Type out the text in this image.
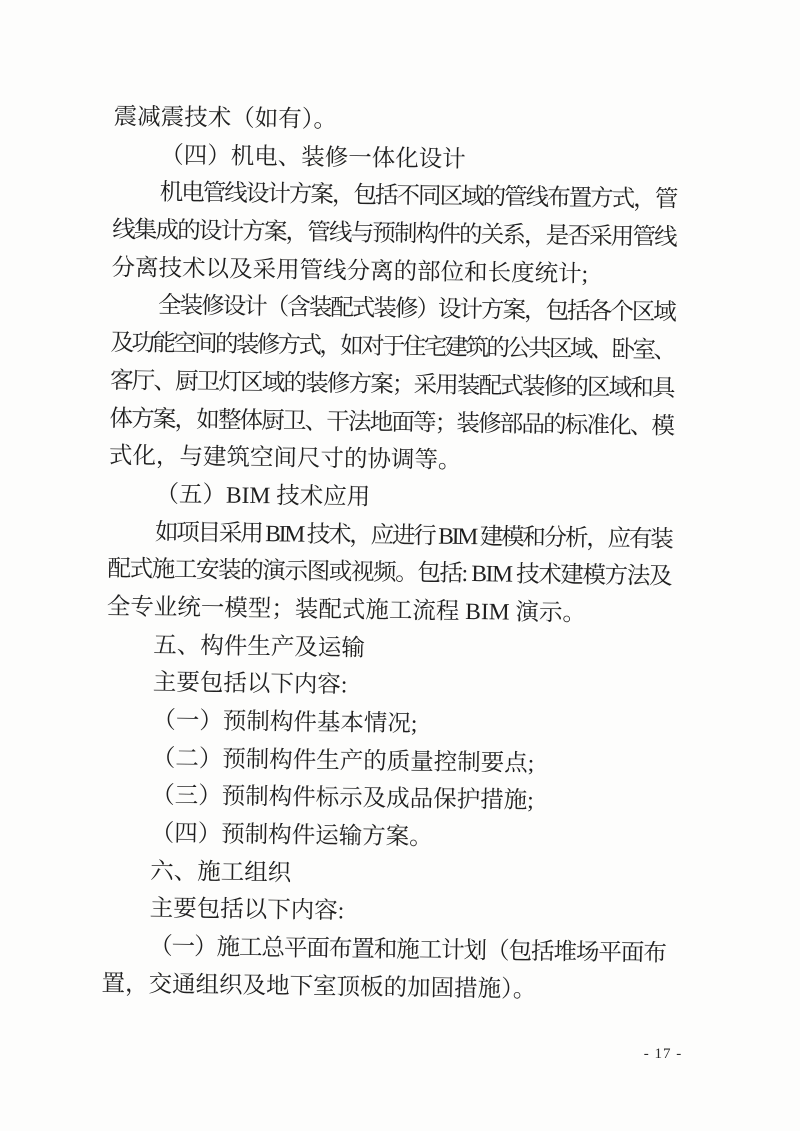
震减震技术（如有）。
（四）机电、装修一体化设计
机电管线设计方案，包括不同区域的管线布置方式，管
线集成的设计方案，管线与预制构件的关系，是否采用管线
分离技术以及采用管线分离的部位和长度统计;
全装修设计（含装配式装修）设计方案，包括各个区域
及功能空间的装修方式，如对于住宅建筑的公共区域、卧室、
客厅、厨卫灯区域的装修方案；采用装配式装修的区域和具
体方案，如整体厨卫、干法地面等；装修部品的标准化、模
式化，与建筑空间尺寸的协调等。
（五）BIM 技术应用
如项目采用 BIM 技术，应进行 BIM 建模和分析，应有装
配式施工安装的演示图或视频。包括: BIM 技术建模方法及
全专业统一模型；装配式施工流程 BIM 演示。
五、构件生产及运输
主要包括以下内容:
（一）预制构件基本情况;
（二）预制构件生产的质量控制要点;
（三）预制构件标示及成品保护措施;
（四）预制构件运输方案。
六、施工组织
主要包括以下内容:
（一）施工总平面布置和施工计划（包括堆场平面布
置，交通组织及地下室顶板的加固措施）。
- 17 -
